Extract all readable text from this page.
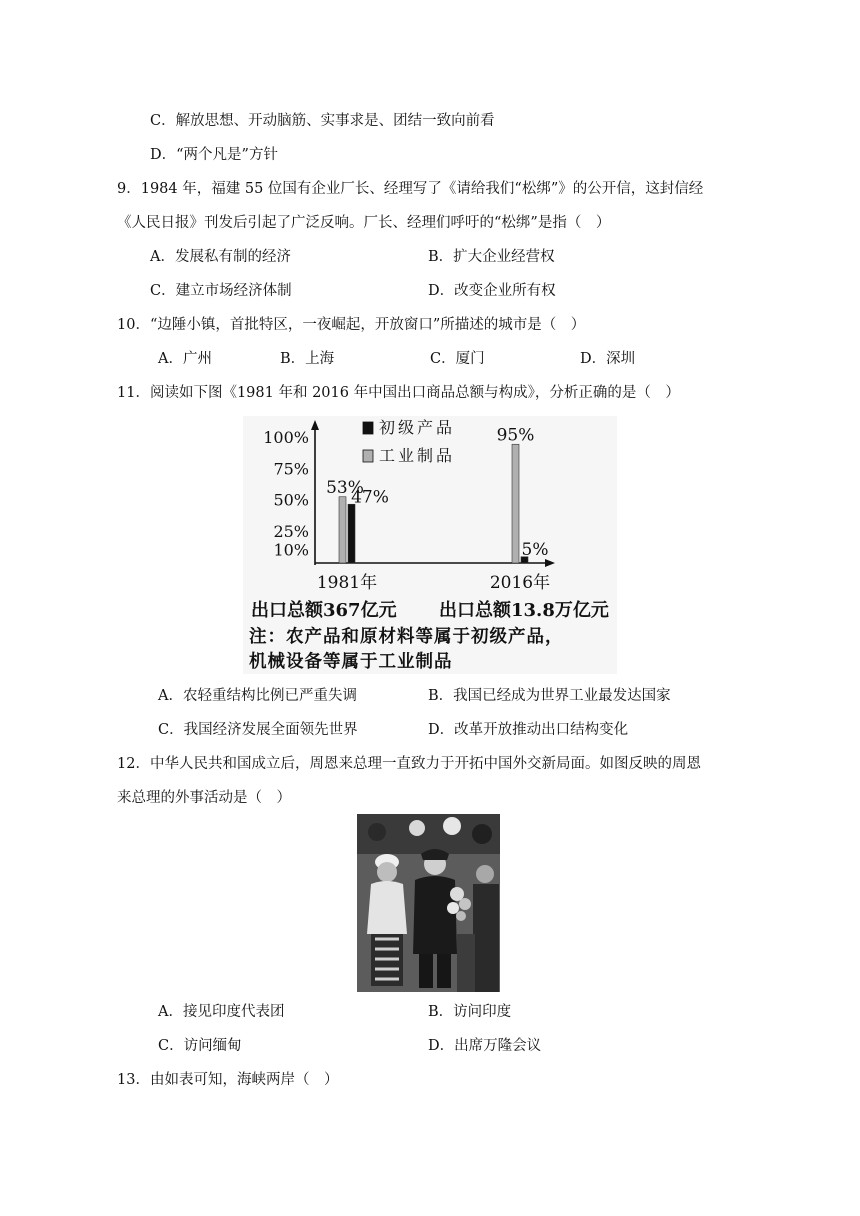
C．解放思想、开动脑筋、实事求是、团结一致向前看
D．“两个凡是”方针
9．1984 年，福建 55 位国有企业厂长、经理写了《请给我们“松绑”》的公开信，这封信经
《人民日报》刊发后引起了广泛反响。厂长、经理们呼吁的“松绑”是指（　）
A．发展私有制的经济	B．扩大企业经营权
C．建立市场经济体制	D．改变企业所有权
10．“边陲小镇，首批特区，一夜崛起，开放窗口”所描述的城市是（　）
A．广州	B．上海	C．厦门	D．深圳
11．阅读如下图《1981 年和 2016 年中国出口商品总额与构成》，分析正确的是（　）
10%
25%
50%
75%
100%
初级产品
工业制品
53%
47%
1981年
95%
5%
2016年
出口总额367亿元 出口总额13.8万亿元
注：农产品和原材料等属于初级产品，
机械设备等属于工业制品
A．农轻重结构比例已严重失调	B．我国已经成为世界工业最发达国家
C．我国经济发展全面领先世界	D．改革开放推动出口结构变化
12．中华人民共和国成立后，周恩来总理一直致力于开拓中国外交新局面。如图反映的周恩
来总理的外事活动是（　）
A．接见印度代表团	B．访问印度
C．访问缅甸	D．出席万隆会议
13．由如表可知，海峡两岸（　）
